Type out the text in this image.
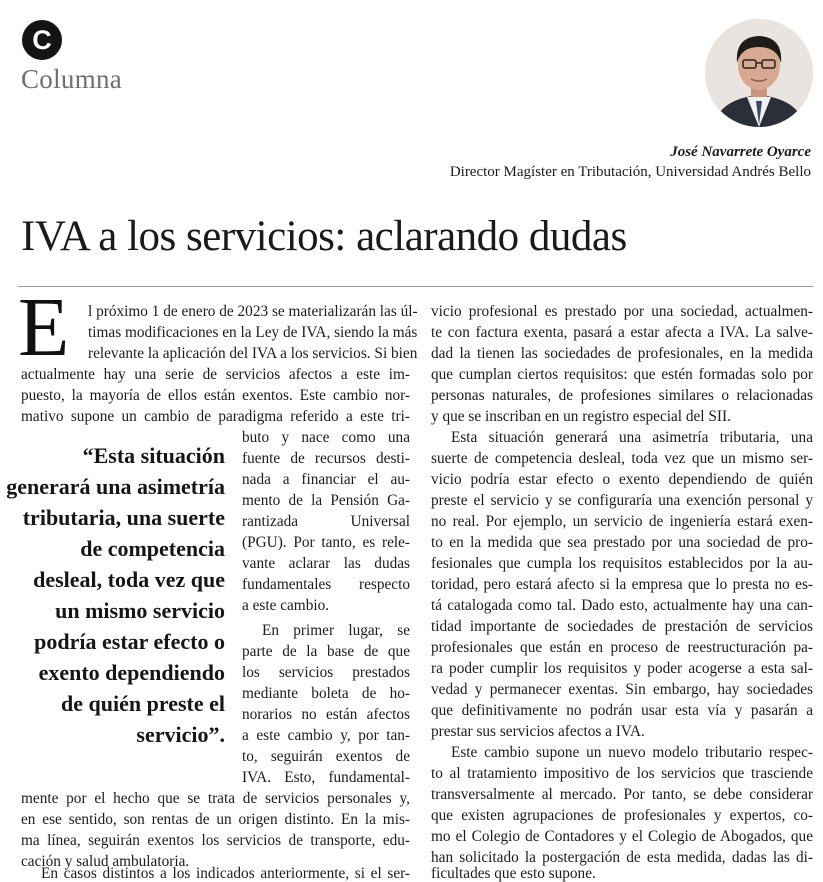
C
Columna
José Navarrete Oyarce
Director Magíster en Tributación, Universidad Andrés Bello
IVA a los servicios: aclarando dudas
E l próximo 1 de enero de 2023 se materializarán las úl-
timas modificaciones en la Ley de IVA, siendo la más
relevante la aplicación del IVA a los servicios. Si bien
actualmente hay una serie de servicios afectos a este im-
puesto, la mayoría de ellos están exentos. Este cambio nor-
mativo supone un cambio de paradigma referido a este tri-
“Esta situación
generará una asimetría
tributaria, una suerte
de competencia
desleal, toda vez que
un mismo servicio
podría estar efecto o
exento dependiendo
de quién preste el
servicio”.
buto y nace como una
fuente de recursos desti-
nada a financiar el au-
mento de la Pensión Ga-
rantizada Universal
(PGU). Por tanto, es rele-
vante aclarar las dudas
fundamentales respecto
a este cambio.
En primer lugar, se
parte de la base de que
los servicios prestados
mediante boleta de ho-
norarios no están afectos
a este cambio y, por tan-
to, seguirán exentos de
IVA. Esto, fundamental-
mente por el hecho que se trata de servicios personales y,
en ese sentido, son rentas de un origen distinto. En la mis-
ma línea, seguirán exentos los servicios de transporte, edu-
cación y salud ambulatoria.
En casos distintos a los indicados anteriormente, si el ser-
vicio profesional es prestado por una sociedad, actualmen-
te con factura exenta, pasará a estar afecta a IVA. La salve-
dad la tienen las sociedades de profesionales, en la medida
que cumplan ciertos requisitos: que estén formadas solo por
personas naturales, de profesiones similares o relacionadas
y que se inscriban en un registro especial del SII.
Esta situación generará una asimetría tributaria, una
suerte de competencia desleal, toda vez que un mismo ser-
vicio podría estar efecto o exento dependiendo de quién
preste el servicio y se configuraría una exención personal y
no real. Por ejemplo, un servicio de ingeniería estará exen-
to en la medida que sea prestado por una sociedad de pro-
fesionales que cumpla los requisitos establecidos por la au-
toridad, pero estará afecto si la empresa que lo presta no es-
tá catalogada como tal. Dado esto, actualmente hay una can-
tidad importante de sociedades de prestación de servicios
profesionales que están en proceso de reestructuración pa-
ra poder cumplir los requisitos y poder acogerse a esta sal-
vedad y permanecer exentas. Sin embargo, hay sociedades
que definitivamente no podrán usar esta vía y pasarán a
prestar sus servicios afectos a IVA.
Este cambio supone un nuevo modelo tributario respec-
to al tratamiento impositivo de los servicios que trasciende
transversalmente al mercado. Por tanto, se debe considerar
que existen agrupaciones de profesionales y expertos, co-
mo el Colegio de Contadores y el Colegio de Abogados, que
han solicitado la postergación de esta medida, dadas las di-
ficultades que esto supone.
